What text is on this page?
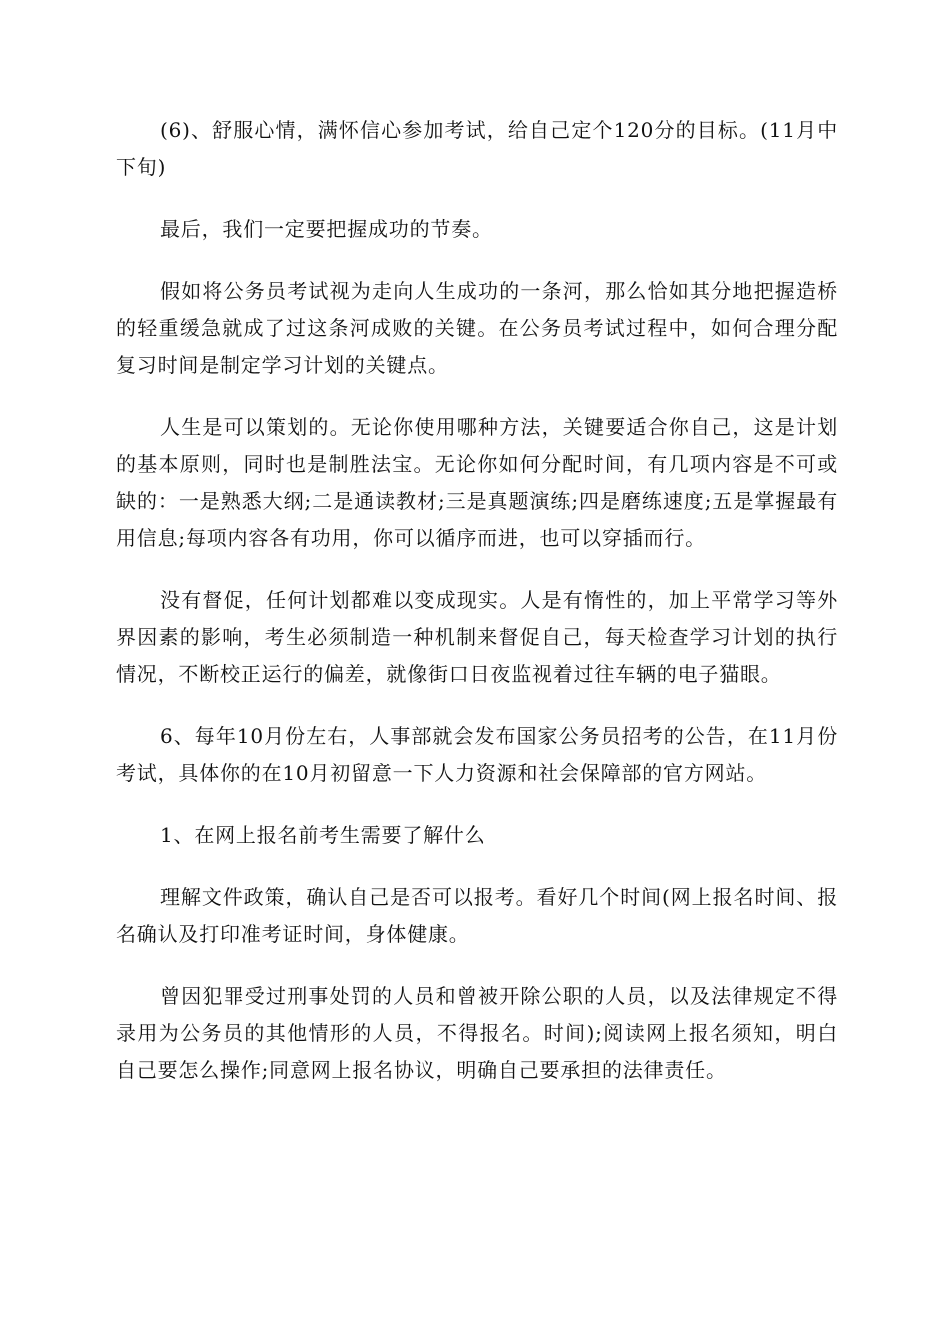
(6)、舒服心情，满怀信心参加考试，给自己定个120分的目标。(11月中下旬)

最后，我们一定要把握成功的节奏。

假如将公务员考试视为走向人生成功的一条河，那么恰如其分地把握造桥的轻重缓急就成了过这条河成败的关键。在公务员考试过程中，如何合理分配复习时间是制定学习计划的关键点。

人生是可以策划的。无论你使用哪种方法，关键要适合你自己，这是计划的基本原则，同时也是制胜法宝。无论你如何分配时间，有几项内容是不可或缺的：一是熟悉大纲;二是通读教材;三是真题演练;四是磨练速度;五是掌握最有用信息;每项内容各有功用，你可以循序而进，也可以穿插而行。

没有督促，任何计划都难以变成现实。人是有惰性的，加上平常学习等外界因素的影响，考生必须制造一种机制来督促自己，每天检查学习计划的执行情况，不断校正运行的偏差，就像街口日夜监视着过往车辆的电子猫眼。

6、每年10月份左右，人事部就会发布国家公务员招考的公告，在11月份考试，具体你的在10月初留意一下人力资源和社会保障部的官方网站。

1、在网上报名前考生需要了解什么

理解文件政策，确认自己是否可以报考。看好几个时间(网上报名时间、报名确认及打印准考证时间，身体健康。

曾因犯罪受过刑事处罚的人员和曾被开除公职的人员，以及法律规定不得录用为公务员的其他情形的人员，不得报名。时间);阅读网上报名须知，明白自己要怎么操作;同意网上报名协议，明确自己要承担的法律责任。
